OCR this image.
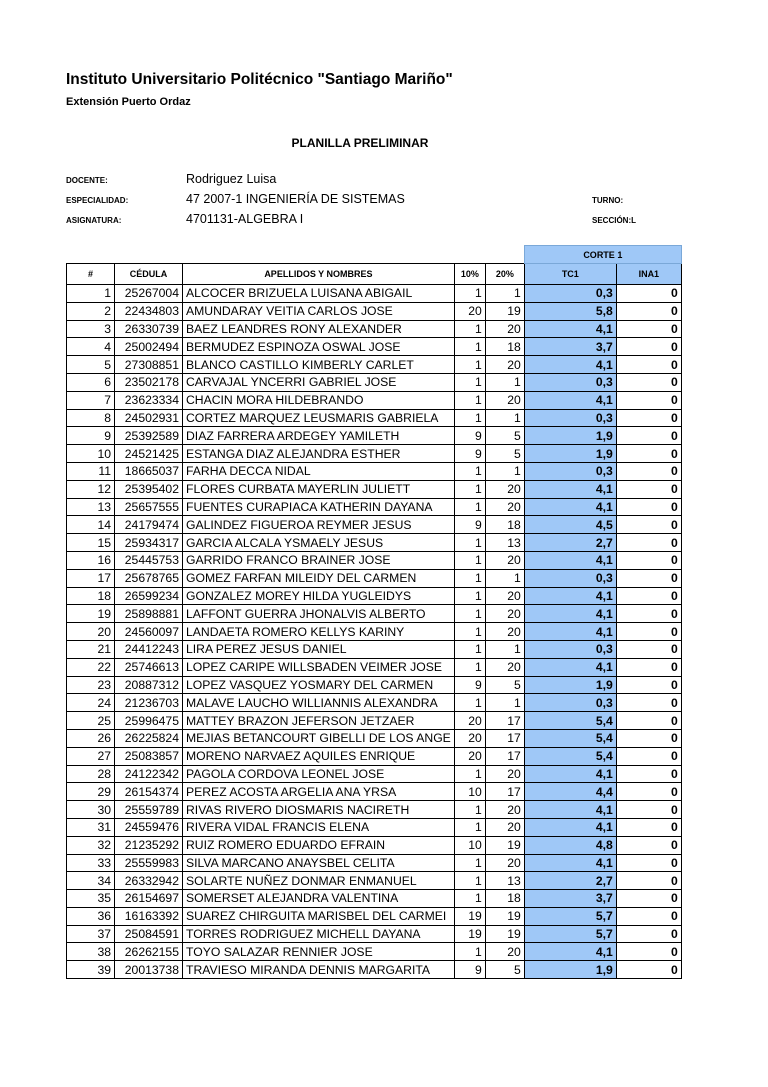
Instituto Universitario Politécnico "Santiago Mariño"
Extensión Puerto Ordaz
PLANILLA PRELIMINAR
DOCENTE:	Rodriguez Luisa
ESPECIALIDAD:	47 2007-1 INGENIERÍA DE SISTEMAS	TURNO:
ASIGNATURA:	4701131-ALGEBRA I	SECCIÓN:L
					CORTE 1	
#	CÉDULA	APELLIDOS Y NOMBRES	10%	20%	TC1	INA1
1	25267004	ALCOCER BRIZUELA LUISANA ABIGAIL	1	1	0,3	0
2	22434803	AMUNDARAY VEITIA CARLOS JOSE	20	19	5,8	0
3	26330739	BAEZ LEANDRES RONY ALEXANDER	1	20	4,1	0
4	25002494	BERMUDEZ ESPINOZA OSWAL JOSE	1	18	3,7	0
5	27308851	BLANCO CASTILLO KIMBERLY CARLET	1	20	4,1	0
6	23502178	CARVAJAL YNCERRI GABRIEL JOSE	1	1	0,3	0
7	23623334	CHACIN MORA HILDEBRANDO	1	20	4,1	0
8	24502931	CORTEZ MARQUEZ LEUSMARIS GABRIELA	1	1	0,3	0
9	25392589	DIAZ FARRERA ARDEGEY YAMILETH	9	5	1,9	0
10	24521425	ESTANGA DIAZ ALEJANDRA ESTHER	9	5	1,9	0
11	18665037	FARHA DECCA NIDAL	1	1	0,3	0
12	25395402	FLORES CURBATA MAYERLIN JULIETT	1	20	4,1	0
13	25657555	FUENTES CURAPIACA KATHERIN DAYANA	1	20	4,1	0
14	24179474	GALINDEZ FIGUEROA REYMER JESUS	9	18	4,5	0
15	25934317	GARCIA ALCALA YSMAELY JESUS	1	13	2,7	0
16	25445753	GARRIDO FRANCO BRAINER JOSE	1	20	4,1	0
17	25678765	GOMEZ FARFAN MILEIDY DEL CARMEN	1	1	0,3	0
18	26599234	GONZALEZ MOREY HILDA YUGLEIDYS	1	20	4,1	0
19	25898881	LAFFONT GUERRA JHONALVIS ALBERTO	1	20	4,1	0
20	24560097	LANDAETA ROMERO KELLYS KARINY	1	20	4,1	0
21	24412243	LIRA PEREZ JESUS DANIEL	1	1	0,3	0
22	25746613	LOPEZ CARIPE WILLSBADEN VEIMER JOSE	1	20	4,1	0
23	20887312	LOPEZ VASQUEZ YOSMARY DEL CARMEN	9	5	1,9	0
24	21236703	MALAVE LAUCHO WILLIANNIS ALEXANDRA	1	1	0,3	0
25	25996475	MATTEY BRAZON JEFERSON JETZAER	20	17	5,4	0
26	26225824	MEJIAS BETANCOURT GIBELLI DE LOS ANGE	20	17	5,4	0
27	25083857	MORENO NARVAEZ AQUILES ENRIQUE	20	17	5,4	0
28	24122342	PAGOLA CORDOVA LEONEL JOSE	1	20	4,1	0
29	26154374	PEREZ ACOSTA ARGELIA ANA YRSA	10	17	4,4	0
30	25559789	RIVAS RIVERO DIOSMARIS NACIRETH	1	20	4,1	0
31	24559476	RIVERA VIDAL FRANCIS ELENA	1	20	4,1	0
32	21235292	RUIZ ROMERO EDUARDO EFRAIN	10	19	4,8	0
33	25559983	SILVA MARCANO ANAYSBEL CELITA	1	20	4,1	0
34	26332942	SOLARTE NUÑEZ DONMAR ENMANUEL	1	13	2,7	0
35	26154697	SOMERSET ALEJANDRA VALENTINA	1	18	3,7	0
36	16163392	SUAREZ CHIRGUITA MARISBEL DEL CARMEI	19	19	5,7	0
37	25084591	TORRES RODRIGUEZ MICHELL DAYANA	19	19	5,7	0
38	26262155	TOYO SALAZAR RENNIER JOSE	1	20	4,1	0
39	20013738	TRAVIESO MIRANDA DENNIS MARGARITA	9	5	1,9	0
